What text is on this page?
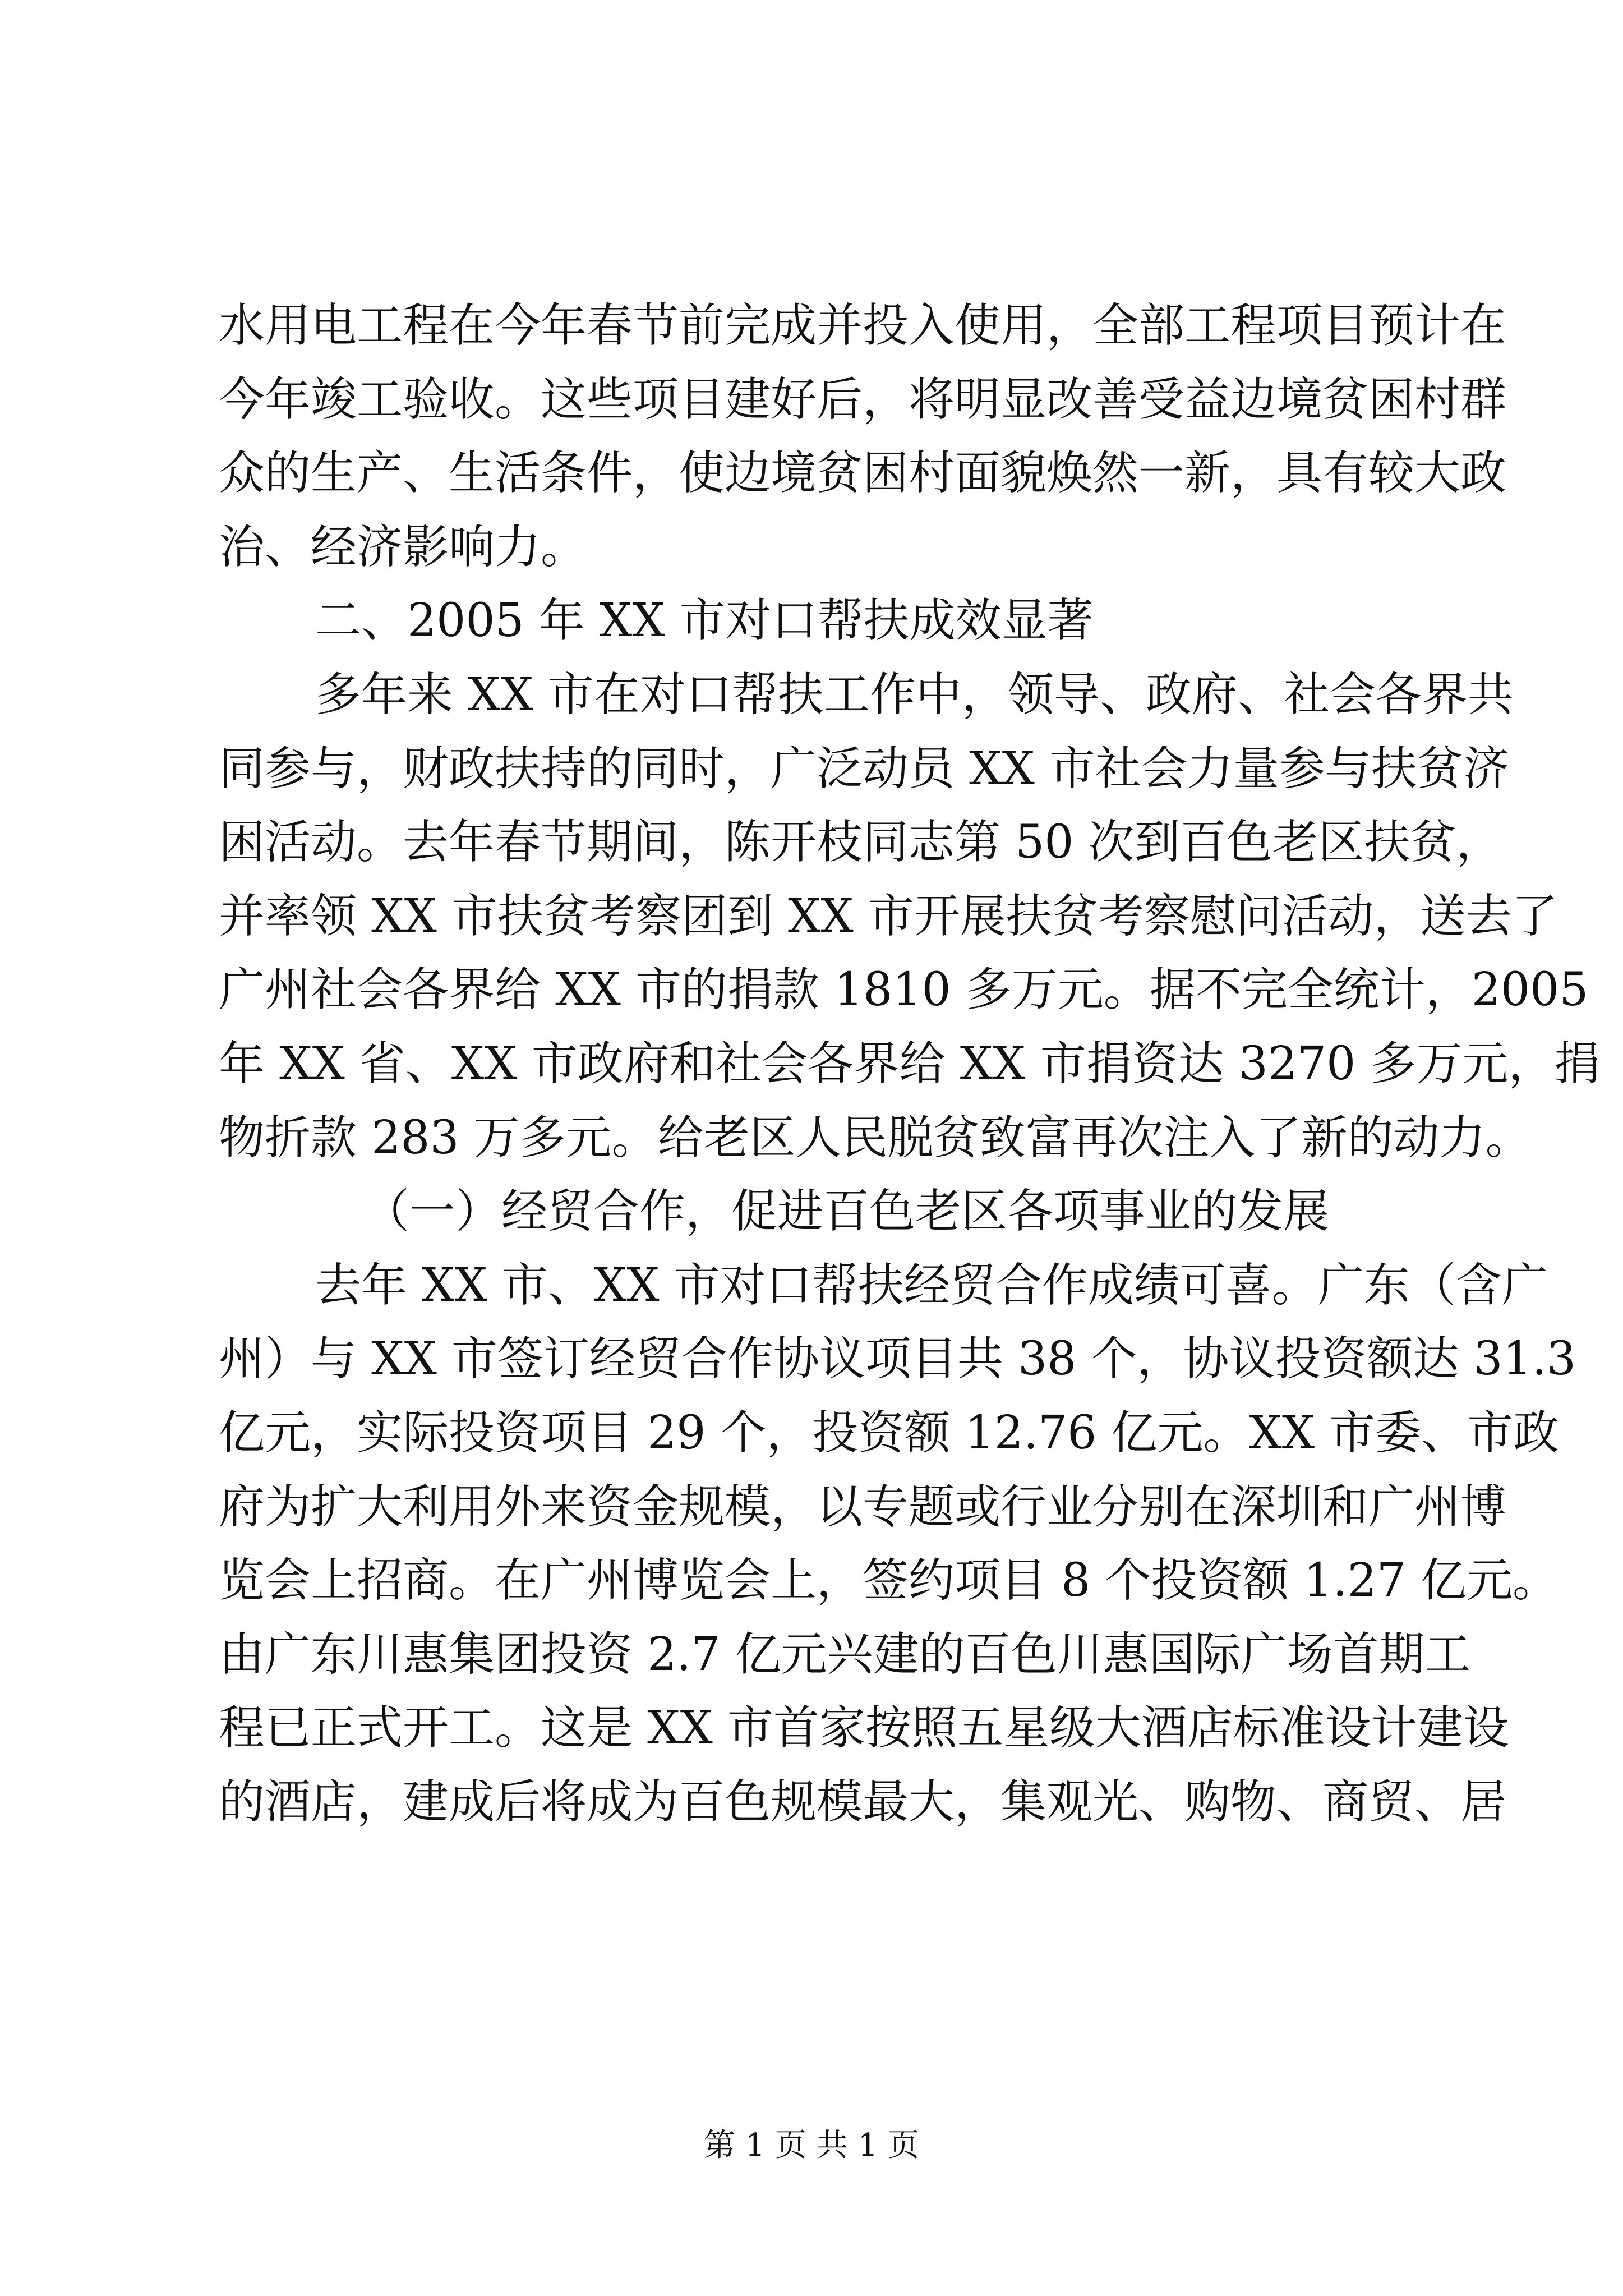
水用电工程在今年春节前完成并投入使用，全部工程项目预计在
今年竣工验收。这些项目建好后，将明显改善受益边境贫困村群
众的生产、生活条件，使边境贫困村面貌焕然一新，具有较大政
治、经济影响力。
二、2005 年 XX 市对口帮扶成效显著
多年来 XX 市在对口帮扶工作中，领导、政府、社会各界共
同参与，财政扶持的同时，广泛动员 XX 市社会力量参与扶贫济
困活动。去年春节期间，陈开枝同志第 50 次到百色老区扶贫，
并率领 XX 市扶贫考察团到 XX 市开展扶贫考察慰问活动，送去了
广州社会各界给 XX 市的捐款 1810 多万元。据不完全统计，2005
年 XX 省、XX 市政府和社会各界给 XX 市捐资达 3270 多万元，捐
物折款 283 万多元。给老区人民脱贫致富再次注入了新的动力。
（一）经贸合作，促进百色老区各项事业的发展
去年 XX 市、XX 市对口帮扶经贸合作成绩可喜。广东（含广
州）与 XX 市签订经贸合作协议项目共 38 个，协议投资额达 31.3
亿元，实际投资项目 29 个，投资额 12.76 亿元。XX 市委、市政
府为扩大利用外来资金规模，以专题或行业分别在深圳和广州博
览会上招商。在广州博览会上，签约项目 8 个投资额 1.27 亿元。
由广东川惠集团投资 2.7 亿元兴建的百色川惠国际广场首期工
程已正式开工。这是 XX 市首家按照五星级大酒店标准设计建设
的酒店，建成后将成为百色规模最大，集观光、购物、商贸、居
第 1 页 共 1 页
